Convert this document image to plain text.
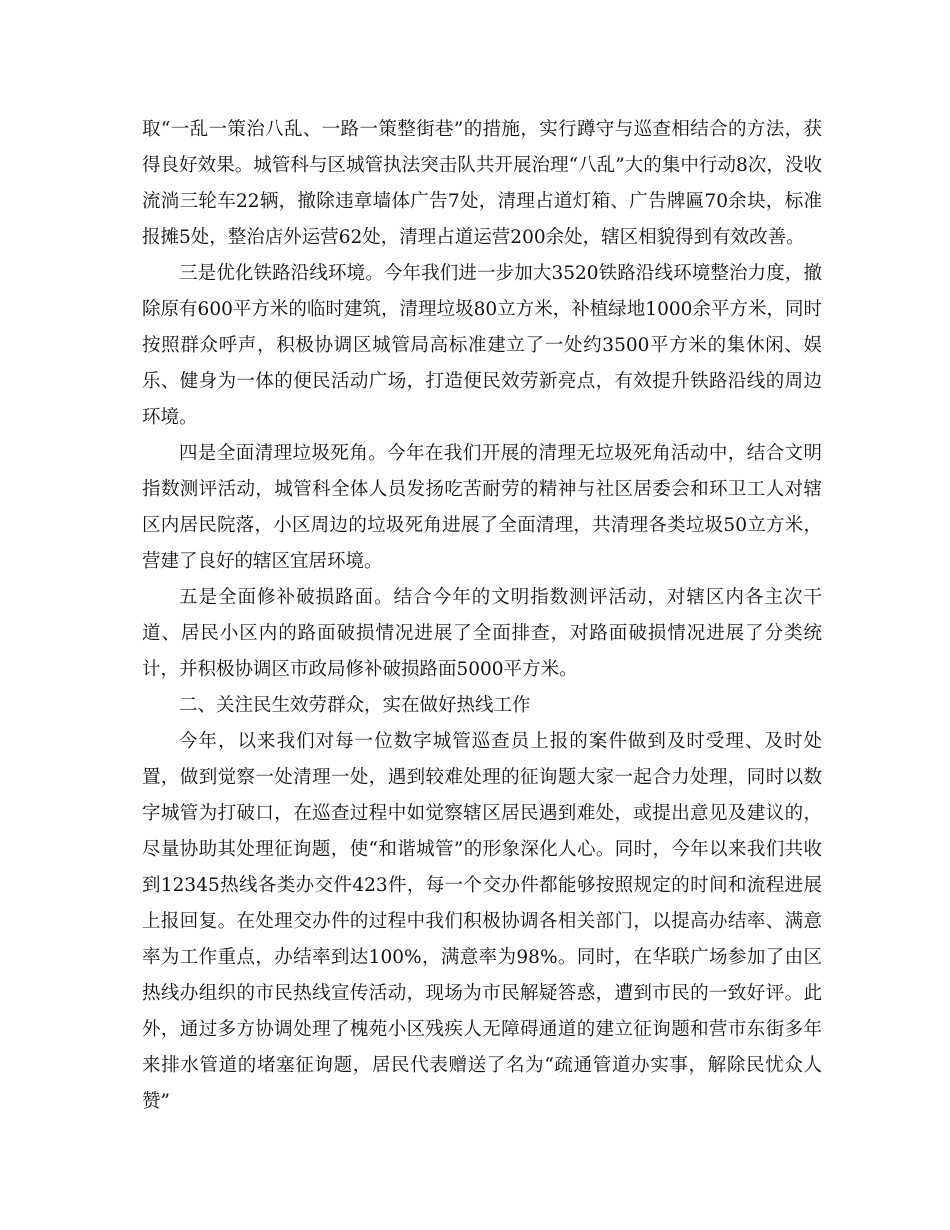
取“一乱一策治八乱、一路一策整街巷”的措施，实行蹲守与巡查相结合的方法，获得良好效果。城管科与区城管执法突击队共开展治理“八乱”大的集中行动8次，没收流淌三轮车22辆，撤除违章墙体广告7处，清理占道灯箱、广告牌匾70余块，标准报摊5处，整治店外运营62处，清理占道运营200余处，辖区相貌得到有效改善。

三是优化铁路沿线环境。今年我们进一步加大3520铁路沿线环境整治力度，撤除原有600平方米的临时建筑，清理垃圾80立方米，补植绿地1000余平方米，同时按照群众呼声，积极协调区城管局高标准建立了一处约3500平方米的集休闲、娱乐、健身为一体的便民活动广场，打造便民效劳新亮点，有效提升铁路沿线的周边环境。

四是全面清理垃圾死角。今年在我们开展的清理无垃圾死角活动中，结合文明指数测评活动，城管科全体人员发扬吃苦耐劳的精神与社区居委会和环卫工人对辖区内居民院落，小区周边的垃圾死角进展了全面清理，共清理各类垃圾50立方米，营建了良好的辖区宜居环境。

五是全面修补破损路面。结合今年的文明指数测评活动，对辖区内各主次干道、居民小区内的路面破损情况进展了全面排查，对路面破损情况进展了分类统计，并积极协调区市政局修补破损路面5000平方米。

二、关注民生效劳群众，实在做好热线工作

今年，以来我们对每一位数字城管巡查员上报的案件做到及时受理、及时处置，做到觉察一处清理一处，遇到较难处理的征询题大家一起合力处理，同时以数字城管为打破口，在巡查过程中如觉察辖区居民遇到难处，或提出意见及建议的，尽量协助其处理征询题，使“和谐城管”的形象深化人心。同时，今年以来我们共收到12345热线各类办交件423件，每一个交办件都能够按照规定的时间和流程进展上报回复。在处理交办件的过程中我们积极协调各相关部门，以提高办结率、满意率为工作重点，办结率到达100%，满意率为98%。同时，在华联广场参加了由区热线办组织的市民热线宣传活动，现场为市民解疑答惑，遭到市民的一致好评。此外，通过多方协调处理了槐苑小区残疾人无障碍通道的建立征询题和营市东街多年来排水管道的堵塞征询题，居民代表赠送了名为“疏通管道办实事，解除民忧众人赞”
